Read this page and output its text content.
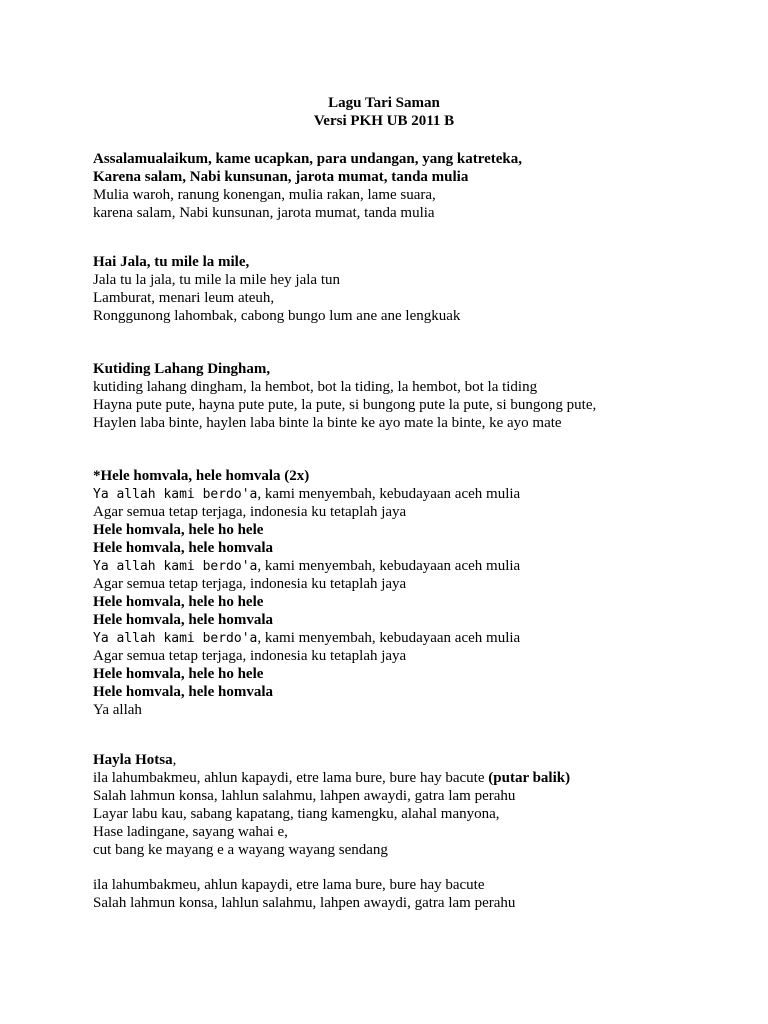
Lagu Tari Saman
Versi PKH UB 2011 B
Assalamualaikum, kame ucapkan, para undangan, yang katreteka,
Karena salam, Nabi kunsunan, jarota mumat, tanda mulia
Mulia waroh, ranung konengan, mulia rakan, lame suara,
karena salam, Nabi kunsunan, jarota mumat, tanda mulia
Hai Jala, tu mile la mile,
Jala tu la jala, tu mile la mile hey jala tun
Lamburat, menari leum ateuh,
Ronggunong lahombak, cabong bungo lum ane ane lengkuak
Kutiding Lahang Dingham,
kutiding lahang dingham, la hembot, bot la tiding, la hembot, bot la tiding
Hayna pute pute, hayna pute pute, la pute, si bungong pute la pute, si bungong pute,
Haylen laba binte, haylen laba binte la binte ke ayo mate la binte, ke ayo mate
*Hele homvala, hele homvala (2x)
Ya allah kami berdo'a, kami menyembah, kebudayaan aceh mulia
Agar semua tetap terjaga, indonesia ku tetaplah jaya
Hele homvala, hele ho hele
Hele homvala, hele homvala
Ya allah kami berdo'a, kami menyembah, kebudayaan aceh mulia
Agar semua tetap terjaga, indonesia ku tetaplah jaya
Hele homvala, hele ho hele
Hele homvala, hele homvala
Ya allah kami berdo'a, kami menyembah, kebudayaan aceh mulia
Agar semua tetap terjaga, indonesia ku tetaplah jaya
Hele homvala, hele ho hele
Hele homvala, hele homvala
Ya allah
Hayla Hotsa,
ila lahumbakmeu, ahlun kapaydi, etre lama bure, bure hay bacute (putar balik)
Salah lahmun konsa, lahlun salahmu, lahpen awaydi, gatra lam perahu
Layar labu kau, sabang kapatang, tiang kamengku, alahal manyona,
Hase ladingane, sayang wahai e,
cut bang ke mayang e a wayang wayang sendang
ila lahumbakmeu, ahlun kapaydi, etre lama bure, bure hay bacute
Salah lahmun konsa, lahlun salahmu, lahpen awaydi, gatra lam perahu
